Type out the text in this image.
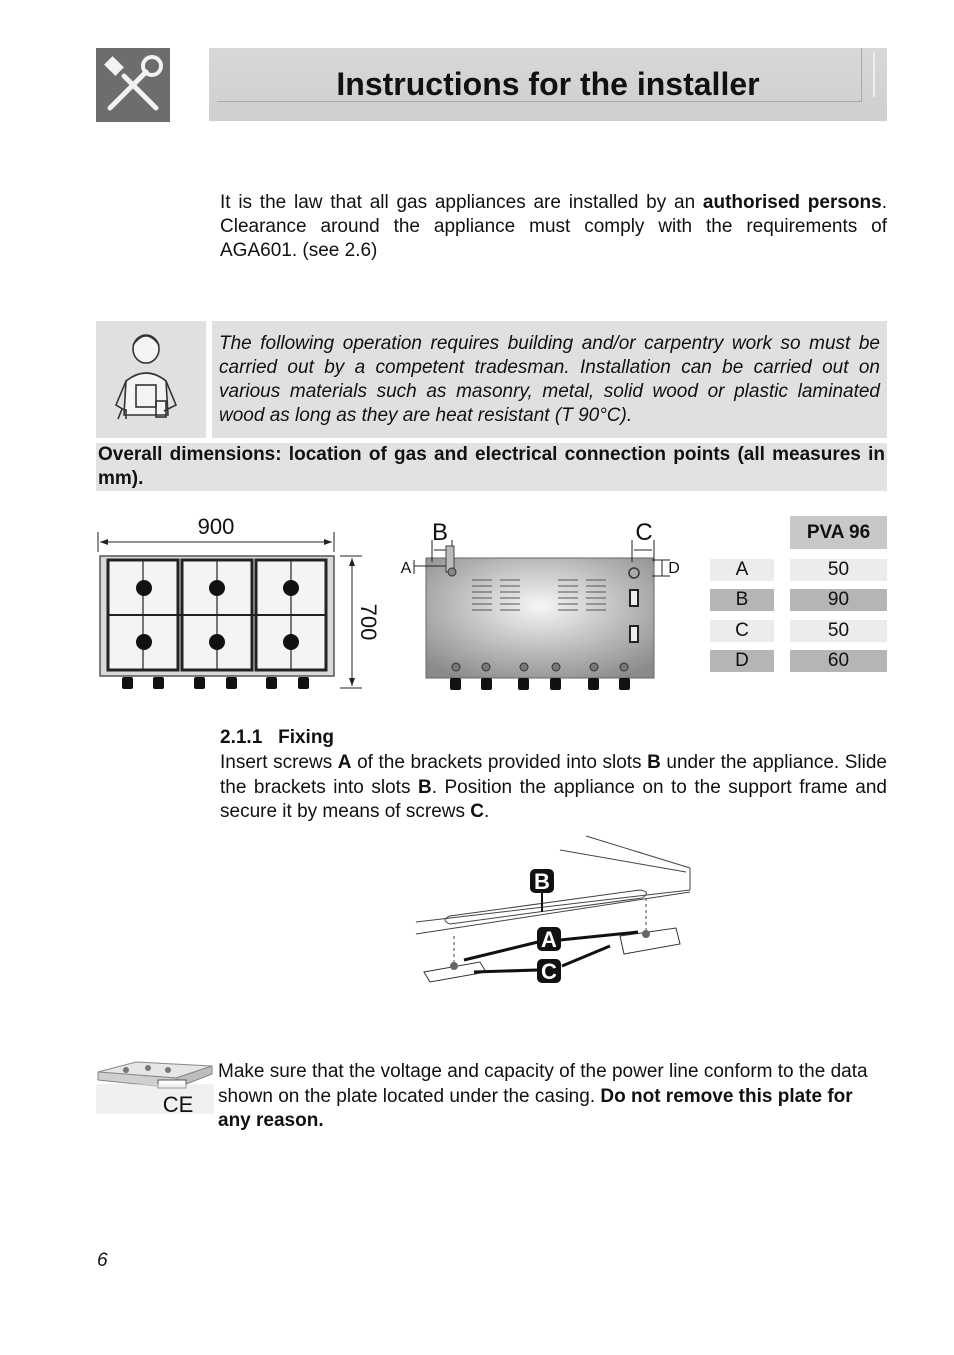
Instructions for the installer
It is the law that all gas appliances are installed by an authorised persons. Clearance around the appliance must comply with the requirements of AGA601. (see 2.6)
The following operation requires building and/or carpentry work so must be carried out by a competent tradesman. Installation can be carried out on various materials such as masonry, metal, solid wood or plastic laminated wood as long as they are heat resistant (T 90°C).
Overall dimensions: location of gas and electrical connection points (all measures in mm).
900
700
B	C
A	D
PVA 96
A	50
B	90
C	50
D	60
2.1.1   Fixing
Insert screws A of the brackets provided into slots B under the appliance. Slide the brackets into slots B. Position the appliance on to the support frame and secure it by means of screws C.
B
A
C
CE
Make sure that the voltage and capacity of the power line conform to the data shown on the plate located under the casing. Do not remove this plate for any reason.
6
